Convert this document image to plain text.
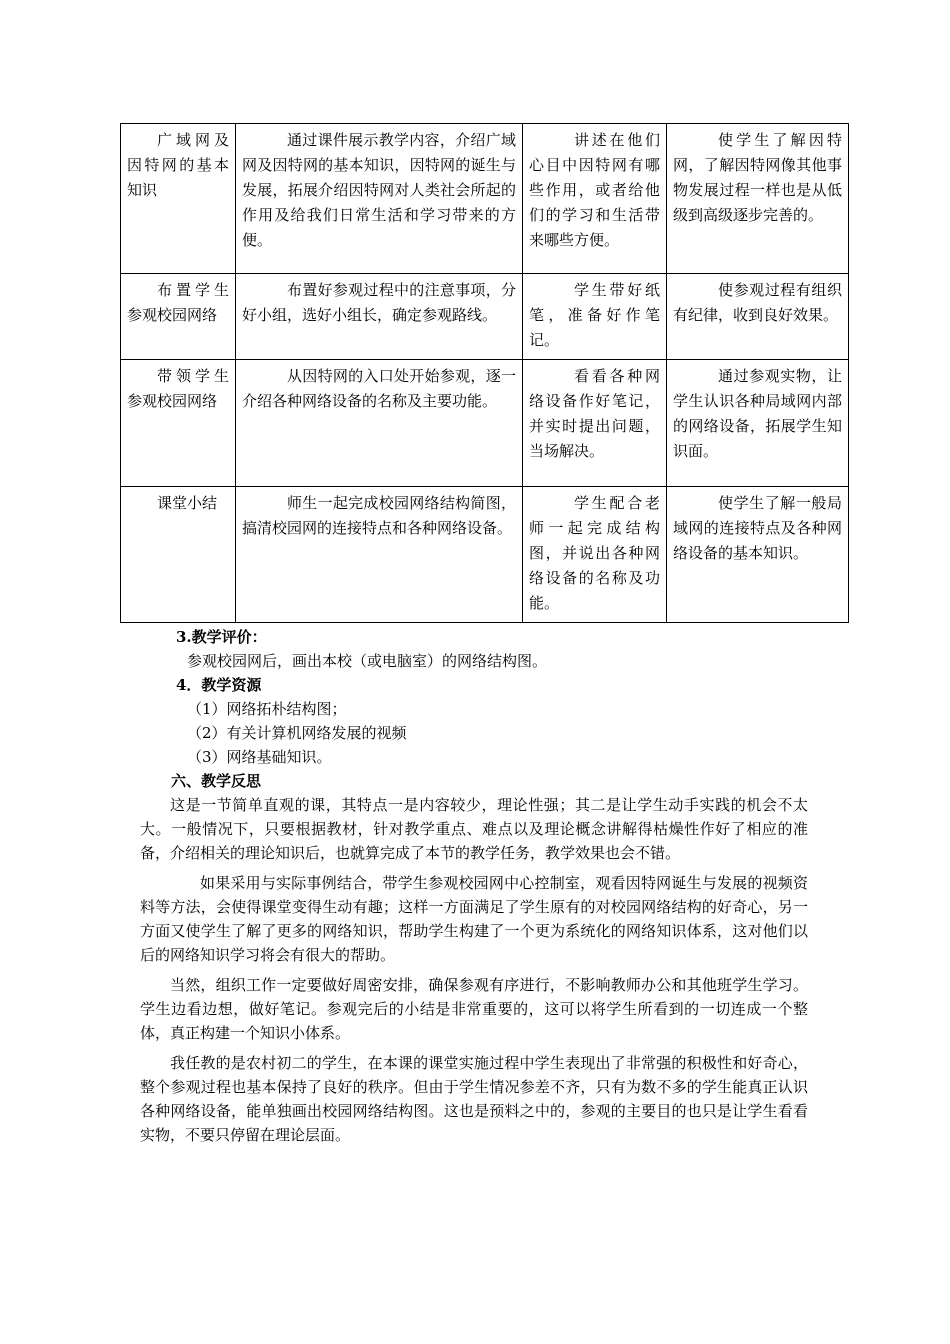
广域网及因特网的基本知识	通过课件展示教学内容，介绍广域网及因特网的基本知识，因特网的诞生与发展，拓展介绍因特网对人类社会所起的作用及给我们日常生活和学习带来的方便。	讲述在他们心目中因特网有哪些作用，或者给他们的学习和生活带来哪些方便。	使学生了解因特网，了解因特网像其他事物发展过程一样也是从低级到高级逐步完善的。
布置学生参观校园网络	布置好参观过程中的注意事项，分好小组，选好小组长，确定参观路线。	学生带好纸笔，准备好作笔记。	使参观过程有组织有纪律，收到良好效果。
带领学生参观校园网络	从因特网的入口处开始参观，逐一介绍各种网络设备的名称及主要功能。	看看各种网络设备作好笔记，并实时提出问题，当场解决。	通过参观实物，让学生认识各种局域网内部的网络设备，拓展学生知识面。
课堂小结	师生一起完成校园网络结构简图，搞清校园网的连接特点和各种网络设备。	学生配合老师一起完成结构图，并说出各种网络设备的名称及功能。	使学生了解一般局域网的连接特点及各种网络设备的基本知识。

3.教学评价：

参观校园网后，画出本校（或电脑室）的网络结构图。

4．教学资源

（1）网络拓朴结构图；

（2）有关计算机网络发展的视频

（3）网络基础知识。

六、教学反思

这是一节简单直观的课，其特点一是内容较少，理论性强；其二是让学生动手实践的机会不太大。一般情况下，只要根据教材，针对教学重点、难点以及理论概念讲解得枯燥性作好了相应的准备，介绍相关的理论知识后，也就算完成了本节的教学任务，教学效果也会不错。

如果采用与实际事例结合，带学生参观校园网中心控制室，观看因特网诞生与发展的视频资料等方法，会使得课堂变得生动有趣；这样一方面满足了学生原有的对校园网络结构的好奇心，另一方面又使学生了解了更多的网络知识，帮助学生构建了一个更为系统化的网络知识体系，这对他们以后的网络知识学习将会有很大的帮助。

当然，组织工作一定要做好周密安排，确保参观有序进行，不影响教师办公和其他班学生学习。学生边看边想，做好笔记。参观完后的小结是非常重要的，这可以将学生所看到的一切连成一个整体，真正构建一个知识小体系。

我任教的是农村初二的学生，在本课的课堂实施过程中学生表现出了非常强的积极性和好奇心，整个参观过程也基本保持了良好的秩序。但由于学生情况参差不齐，只有为数不多的学生能真正认识各种网络设备，能单独画出校园网络结构图。这也是预料之中的，参观的主要目的也只是让学生看看实物，不要只停留在理论层面。
